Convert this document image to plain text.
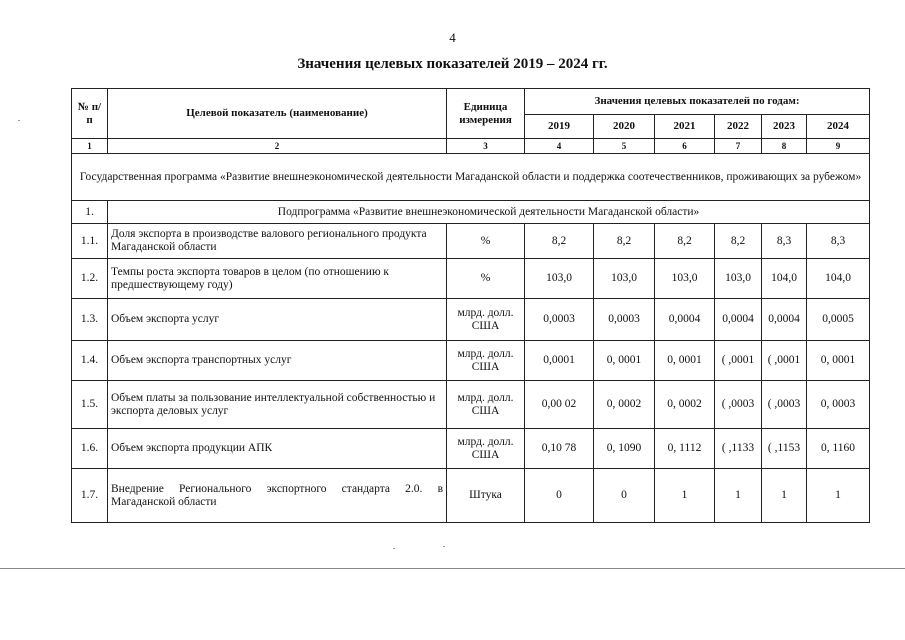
4
Значения целевых показателей 2019 – 2024 гг.
№ п/п	Целевой показатель (наименование)	Единица измерения	Значения целевых показателей по годам:					
			2019	2020	2021	2022	2023	2024
1	2	3	4	5	6	7	8	9
Государственная программа «Развитие внешнеэкономической деятельности Магаданской области и поддержка соотечественников, проживающих за рубежом»								
1.	Подпрограмма «Развитие внешнеэкономической деятельности Магаданской области»							
1.1.	Доля экспорта в производстве валового регионального продукта Магаданской области	%	8,2	8,2	8,2	8,2	8,3	8,3
1.2.	Темпы роста экспорта товаров в целом (по отношению к предшествующему году)	%	103,0	103,0	103,0	103,0	104,0	104,0
1.3.	Объем экспорта услуг	млрд. долл. США	0,0003	0,0003	0,0004	0,0004	0,0004	0,0005
1.4.	Объем экспорта транспортных услуг	млрд. долл. США	0,0001	0, 0001	0, 0001	( ,0001	( ,0001	0, 0001
1.5.	Объем платы за пользование интеллектуальной собственностью и экспорта деловых услуг	млрд. долл. США	0,00 02	0, 0002	0, 0002	( ,0003	( ,0003	0, 0003
1.6.	Объем экспорта продукции АПК	млрд. долл. США	0,10 78	0, 1090	0, 1112	( ,1133	( ,1153	0, 1160
1.7.	Внедрение Регионального экспортного стандарта 2.0. в Магаданской области	Штука	0	0	1	1	1	1
